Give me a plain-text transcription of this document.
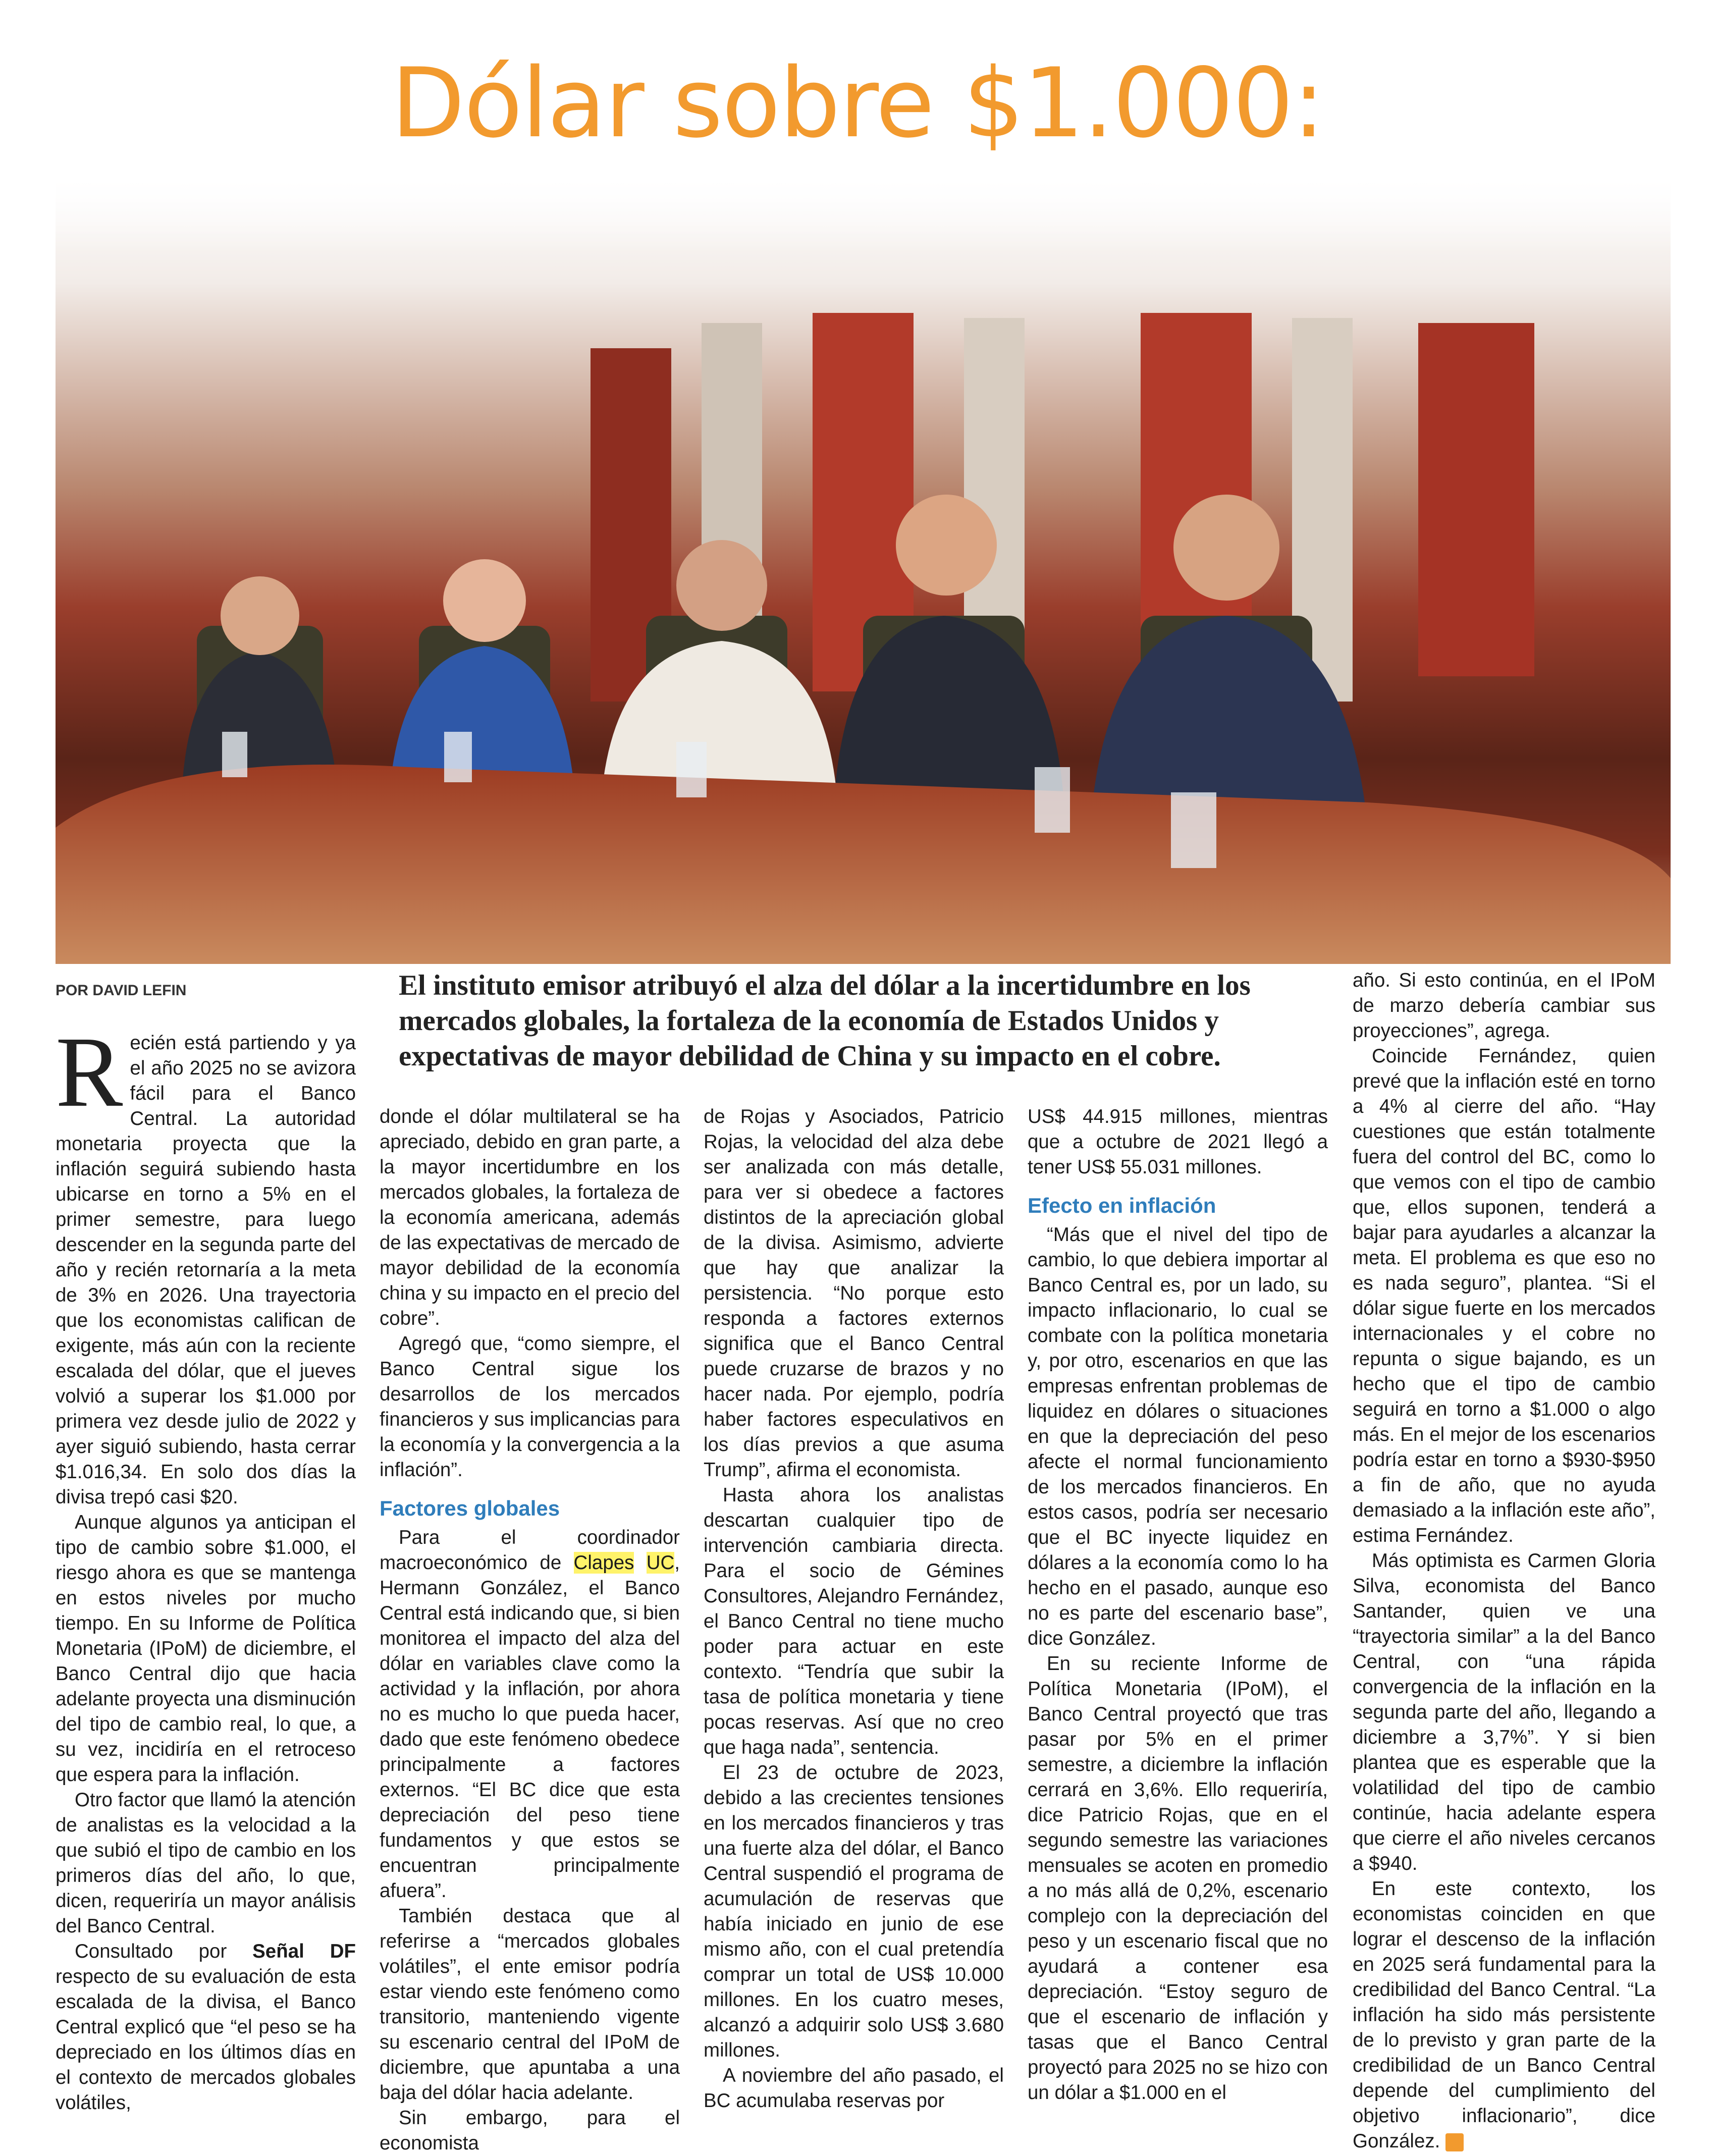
Dólar sobre $1.000:
POR DAVID LEFIN	El instituto emisor atribuyó el alza del dólar a la incertidumbre en los mercados globales, la fortaleza de la economía de Estados Unidos y expectativas de mayor debilidad de China y su impacto en el cobre.

Recién está partiendo y ya el año 2025 no se avizora fácil para el Banco Central. La autoridad monetaria proyecta que la inflación seguirá subiendo hasta ubicarse en torno a 5% en el primer semestre, para luego descender en la segunda parte del año y recién retornaría a la meta de 3% en 2026. Una trayectoria que los economistas califican de exigente, más aún con la reciente escalada del dólar, que el jueves volvió a superar los $1.000 por primera vez desde julio de 2022 y ayer siguió subiendo, hasta cerrar $1.016,34. En solo dos días la divisa trepó casi $20.

Aunque algunos ya anticipan el tipo de cambio sobre $1.000, el riesgo ahora es que se mantenga en estos niveles por mucho tiempo. En su Informe de Política Monetaria (IPoM) de diciembre, el Banco Central dijo que hacia adelante proyecta una disminución del tipo de cambio real, lo que, a su vez, incidiría en el retroceso que espera para la inflación.

Otro factor que llamó la atención de analistas es la velocidad a la que subió el tipo de cambio en los primeros días del año, lo que, dicen, requeriría un mayor análisis del Banco Central.

Consultado por Señal DF respecto de su evaluación de esta escalada de la divisa, el Banco Central explicó que “el peso se ha depreciado en los últimos días en el contexto de mercados globales volátiles,

donde el dólar multilateral se ha apreciado, debido en gran parte, a la mayor incertidumbre en los mercados globales, la fortaleza de la economía americana, además de las expectativas de mercado de mayor debilidad de la economía china y su impacto en el precio del cobre”.

Agregó que, “como siempre, el Banco Central sigue los desarrollos de los mercados financieros y sus implicancias para la economía y la convergencia a la inflación”.

Factores globales

Para el coordinador macroeconómico de Clapes UC, Hermann González, el Banco Central está indicando que, si bien monitorea el impacto del alza del dólar en variables clave como la actividad y la inflación, por ahora no es mucho lo que pueda hacer, dado que este fenómeno obedece principalmente a factores externos. “El BC dice que esta depreciación del peso tiene fundamentos y que estos se encuentran principalmente afuera”.

También destaca que al referirse a “mercados globales volátiles”, el ente emisor podría estar viendo este fenómeno como transitorio, manteniendo vigente su escenario central del IPoM de diciembre, que apuntaba a una baja del dólar hacia adelante.

Sin embargo, para el economista

de Rojas y Asociados, Patricio Rojas, la velocidad del alza debe ser analizada con más detalle, para ver si obedece a factores distintos de la apreciación global de la divisa. Asimismo, advierte que hay que analizar la persistencia. “No porque esto responda a factores externos significa que el Banco Central puede cruzarse de brazos y no hacer nada. Por ejemplo, podría haber factores especulativos en los días previos a que asuma Trump”, afirma el economista.

Hasta ahora los analistas descartan cualquier tipo de intervención cambiaria directa. Para el socio de Gémines Consultores, Alejandro Fernández, el Banco Central no tiene mucho poder para actuar en este contexto. “Tendría que subir la tasa de política monetaria y tiene pocas reservas. Así que no creo que haga nada”, sentencia.

El 23 de octubre de 2023, debido a las crecientes tensiones en los mercados financieros y tras una fuerte alza del dólar, el Banco Central suspendió el programa de acumulación de reservas que había iniciado en junio de ese mismo año, con el cual pretendía comprar un total de US$ 10.000 millones. En los cuatro meses, alcanzó a adquirir solo US$ 3.680 millones.

A noviembre del año pasado, el BC acumulaba reservas por

US$ 44.915 millones, mientras que a octubre de 2021 llegó a tener US$ 55.031 millones.

Efecto en inflación

“Más que el nivel del tipo de cambio, lo que debiera importar al Banco Central es, por un lado, su impacto inflacionario, lo cual se combate con la política monetaria y, por otro, escenarios en que las empresas enfrentan problemas de liquidez en dólares o situaciones en que la depreciación del peso afecte el normal funcionamiento de los mercados financieros. En estos casos, podría ser necesario que el BC inyecte liquidez en dólares a la economía como lo ha hecho en el pasado, aunque eso no es parte del escenario base”, dice González.

En su reciente Informe de Política Monetaria (IPoM), el Banco Central proyectó que tras pasar por 5% en el primer semestre, a diciembre la inflación cerrará en 3,6%. Ello requeriría, dice Patricio Rojas, que en el segundo semestre las variaciones mensuales se acoten en promedio a no más allá de 0,2%, escenario complejo con la depreciación del peso y un escenario fiscal que no ayudará a contener esa depreciación. “Estoy seguro de que el escenario de inflación y tasas que el Banco Central proyectó para 2025 no se hizo con un dólar a $1.000 en el

año. Si esto continúa, en el IPoM de marzo debería cambiar sus proyecciones”, agrega.

Coincide Fernández, quien prevé que la inflación esté en torno a 4% al cierre del año. “Hay cuestiones que están totalmente fuera del control del BC, como lo que vemos con el tipo de cambio que, ellos suponen, tenderá a bajar para ayudarles a alcanzar la meta. El problema es que eso no es nada seguro”, plantea. “Si el dólar sigue fuerte en los mercados internacionales y el cobre no repunta o sigue bajando, es un hecho que el tipo de cambio seguirá en torno a $1.000 o algo más. En el mejor de los escenarios podría estar en torno a $930-$950 a fin de año, que no ayuda demasiado a la inflación este año”, estima Fernández.

Más optimista es Carmen Gloria Silva, economista del Banco Santander, quien ve una “trayectoria similar” a la del Banco Central, con “una rápida convergencia de la inflación en la segunda parte del año, llegando a diciembre a 3,7%”. Y si bien plantea que es esperable que la volatilidad del tipo de cambio continúe, hacia adelante espera que cierre el año niveles cercanos a $940.

En este contexto, los economistas coinciden en que lograr el descenso de la inflación en 2025 será fundamental para la credibilidad del Banco Central. “La inflación ha sido más persistente de lo previsto y gran parte de la credibilidad de un Banco Central depende del cumplimiento del objetivo inflacionario”, dice González. S
